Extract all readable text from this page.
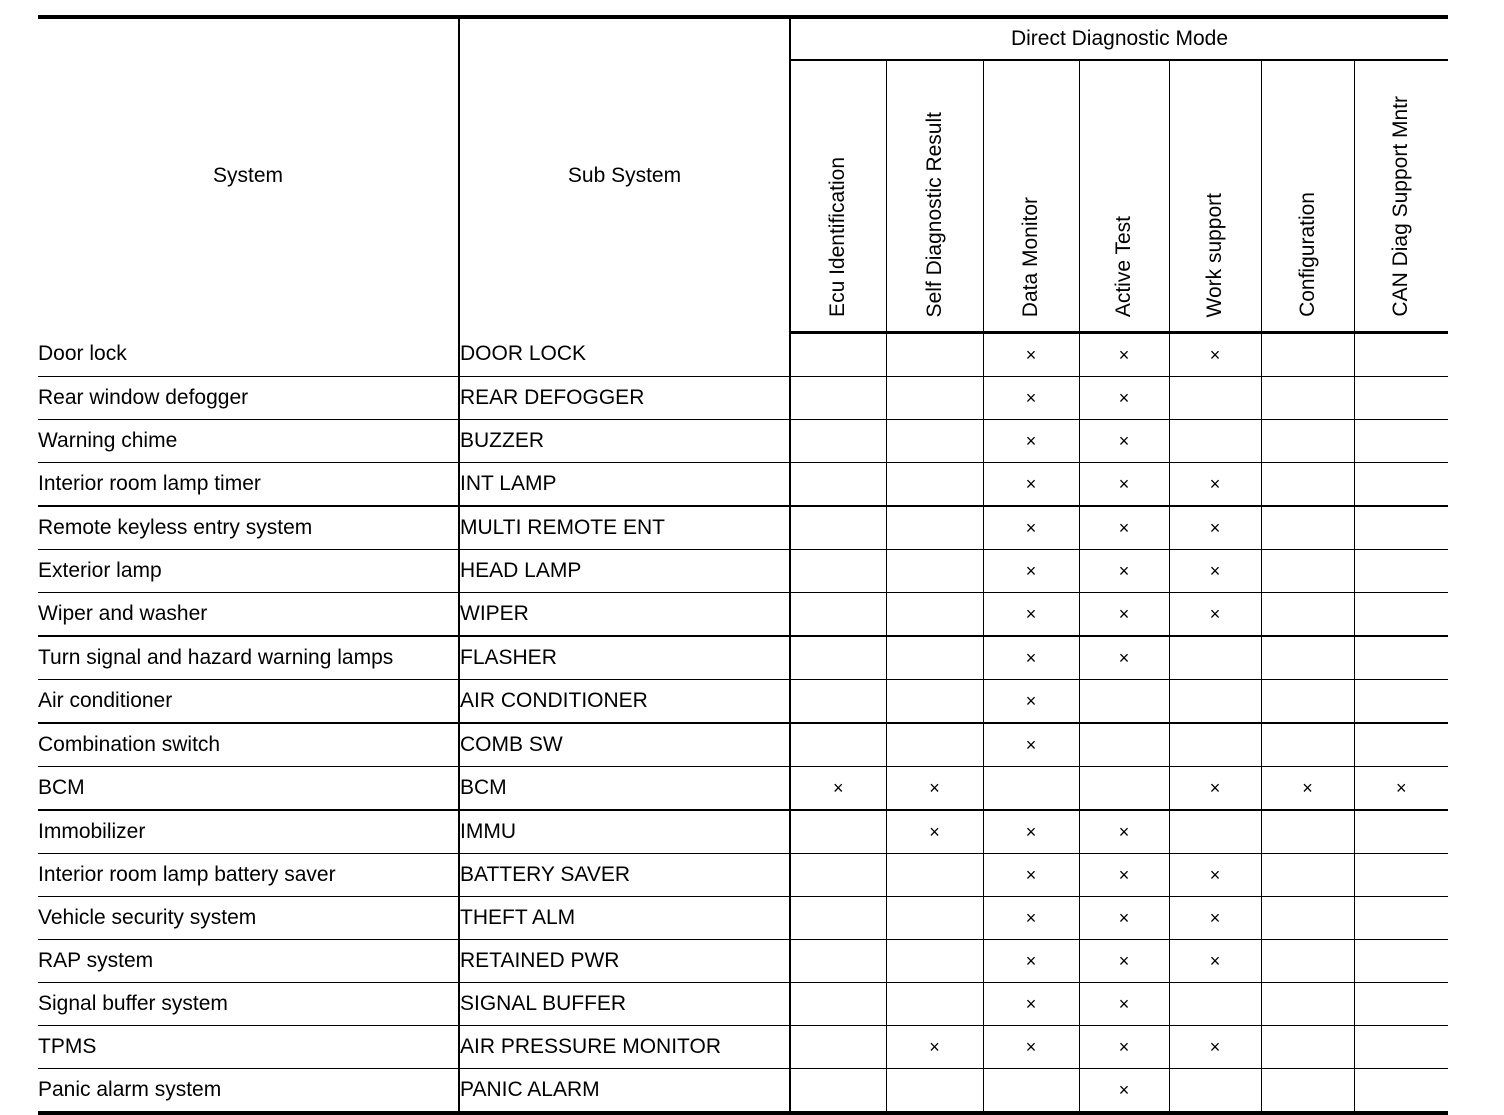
System	Sub System	Direct Diagnostic Mode						

		Ecu Identification	Self Diagnostic Result	Data Monitor	Active Test	Work support	Configuration	CAN Diag Support Mntr

Door lock	DOOR LOCK			×	×	×		
Rear window defogger	REAR DEFOGGER			×	×			
Warning chime	BUZZER			×	×			
Interior room lamp timer	INT LAMP			×	×	×		
Remote keyless entry system	MULTI REMOTE ENT			×	×	×		
Exterior lamp	HEAD LAMP			×	×	×		
Wiper and washer	WIPER			×	×	×		
Turn signal and hazard warning lamps	FLASHER			×	×			
Air conditioner	AIR CONDITIONER			×				
Combination switch	COMB SW			×				
BCM	BCM	×	×			×	×	×
Immobilizer	IMMU		×	×	×			
Interior room lamp battery saver	BATTERY SAVER			×	×	×		
Vehicle security system	THEFT ALM			×	×	×		
RAP system	RETAINED PWR			×	×	×		
Signal buffer system	SIGNAL BUFFER			×	×			
TPMS	AIR PRESSURE MONITOR		×	×	×	×		
Panic alarm system	PANIC ALARM				×			
